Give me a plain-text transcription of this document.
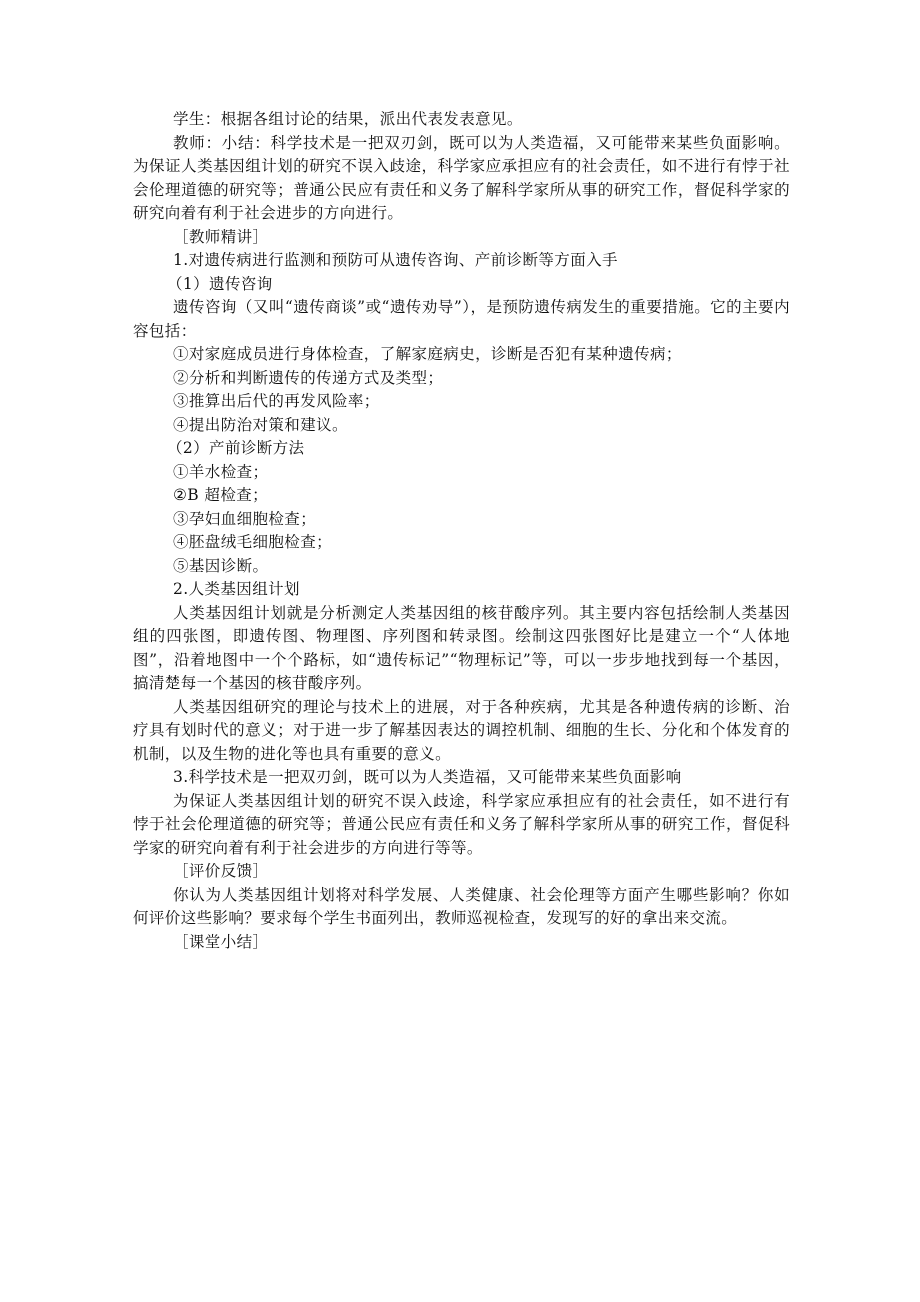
学生：根据各组讨论的结果，派出代表发表意见。

教师：小结：科学技术是一把双刃剑，既可以为人类造福，又可能带来某些负面影响。为保证人类基因组计划的研究不误入歧途，科学家应承担应有的社会责任，如不进行有悖于社会伦理道德的研究等；普通公民应有责任和义务了解科学家所从事的研究工作，督促科学家的研究向着有利于社会进步的方向进行。

［教师精讲］

1.对遗传病进行监测和预防可从遗传咨询、产前诊断等方面入手

（1）遗传咨询

遗传咨询（又叫“遗传商谈”或“遗传劝导”），是预防遗传病发生的重要措施。它的主要内容包括：

①对家庭成员进行身体检查，了解家庭病史，诊断是否犯有某种遗传病；

②分析和判断遗传的传递方式及类型；

③推算出后代的再发风险率；

④提出防治对策和建议。

（2）产前诊断方法

①羊水检查；

②B 超检查；

③孕妇血细胞检查；

④胚盘绒毛细胞检查；

⑤基因诊断。

2.人类基因组计划

人类基因组计划就是分析测定人类基因组的核苷酸序列。其主要内容包括绘制人类基因组的四张图，即遗传图、物理图、序列图和转录图。绘制这四张图好比是建立一个“人体地图”，沿着地图中一个个路标，如“遗传标记”“物理标记”等，可以一步步地找到每一个基因，搞清楚每一个基因的核苷酸序列。

人类基因组研究的理论与技术上的进展，对于各种疾病，尤其是各种遗传病的诊断、治疗具有划时代的意义；对于进一步了解基因表达的调控机制、细胞的生长、分化和个体发育的机制，以及生物的进化等也具有重要的意义。

3.科学技术是一把双刃剑，既可以为人类造福，又可能带来某些负面影响

为保证人类基因组计划的研究不误入歧途，科学家应承担应有的社会责任，如不进行有悖于社会伦理道德的研究等；普通公民应有责任和义务了解科学家所从事的研究工作，督促科学家的研究向着有利于社会进步的方向进行等等。

［评价反馈］

你认为人类基因组计划将对科学发展、人类健康、社会伦理等方面产生哪些影响？你如何评价这些影响？要求每个学生书面列出，教师巡视检查，发现写的好的拿出来交流。

［课堂小结］
